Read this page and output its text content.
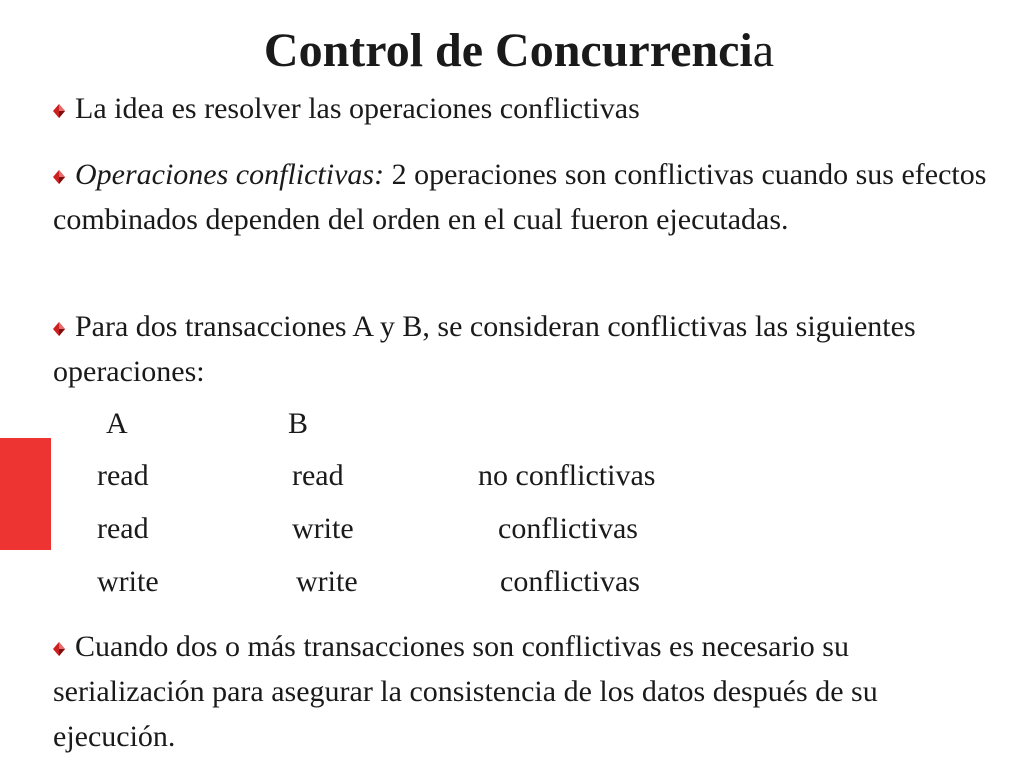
Control de Concurrencia
La idea es resolver las operaciones conflictivas
Operaciones conflictivas: 2 operaciones son conflictivas cuando sus efectos combinados dependen del orden en el cual fueron ejecutadas.
Para dos transacciones A y B, se consideran conflictivas las siguientes operaciones:
A	B
read	read	no conflictivas
read	write	conflictivas
write	write	conflictivas
Cuando dos o más transacciones son conflictivas es necesario su serialización para asegurar la consistencia de los datos después de su ejecución.
